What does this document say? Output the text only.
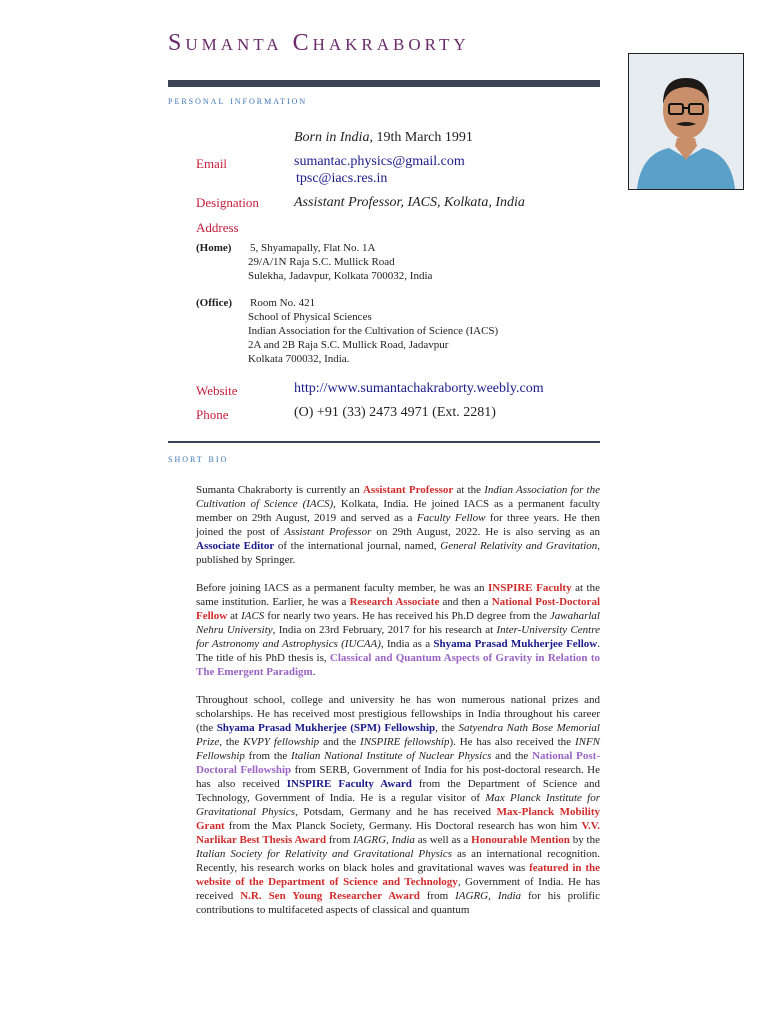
Sumanta Chakraborty
personal information
Born in India, 19th March 1991
Email	sumantac.physics@gmail.com
tpsc@iacs.res.in
Designation	Assistant Professor, IACS, Kolkata, India
Address
(Home) 5, Shyamapally, Flat No. 1A
29/A/1N Raja S.C. Mullick Road
Sulekha, Jadavpur, Kolkata 700032, India
(Office) Room No. 421
School of Physical Sciences
Indian Association for the Cultivation of Science (IACS)
2A and 2B Raja S.C. Mullick Road, Jadavpur
Kolkata 700032, India.
Website	http://www.sumantachakraborty.weebly.com
Phone	(O) +91 (33) 2473 4971 (Ext. 2281)
short bio

Sumanta Chakraborty is currently an Assistant Professor at the Indian Association for the Cultivation of Science (IACS), Kolkata, India. He joined IACS as a permanent faculty member on 29th August, 2019 and served as a Faculty Fellow for three years. He then joined the post of Assistant Professor on 29th August, 2022. He is also serving as an Associate Editor of the international journal, named, General Relativity and Gravitation, published by Springer.

Before joining IACS as a permanent faculty member, he was an INSPIRE Faculty at the same institution. Earlier, he was a Research Associate and then a National Post-Doctoral Fellow at IACS for nearly two years. He has received his Ph.D degree from the Jawaharlal Nehru University, India on 23rd February, 2017 for his research at Inter-University Centre for Astronomy and Astrophysics (IUCAA), India as a Shyama Prasad Mukherjee Fellow. The title of his PhD thesis is, Classical and Quantum Aspects of Gravity in Relation to The Emergent Paradigm.

Throughout school, college and university he has won numerous national prizes and scholarships. He has received most prestigious fellowships in India throughout his career (the Shyama Prasad Mukherjee (SPM) Fellowship, the Satyendra Nath Bose Memorial Prize, the KVPY fellowship and the INSPIRE fellowship). He has also received the INFN Fellowship from the Italian National Institute of Nuclear Physics and the National Post-Doctoral Fellowship from SERB, Government of India for his post-doctoral research. He has also received INSPIRE Faculty Award from the Department of Science and Technology, Government of India. He is a regular visitor of Max Planck Institute for Gravitational Physics, Potsdam, Germany and he has received Max-Planck Mobility Grant from the Max Planck Society, Germany. His Doctoral research has won him V.V. Narlikar Best Thesis Award from IAGRG, India as well as a Honourable Mention by the Italian Society for Relativity and Gravitational Physics as an international recognition. Recently, his research works on black holes and gravitational waves was featured in the website of the Department of Science and Technology, Government of India. He has received N.R. Sen Young Researcher Award from IAGRG, India for his prolific contributions to multifaceted aspects of classical and quantum
